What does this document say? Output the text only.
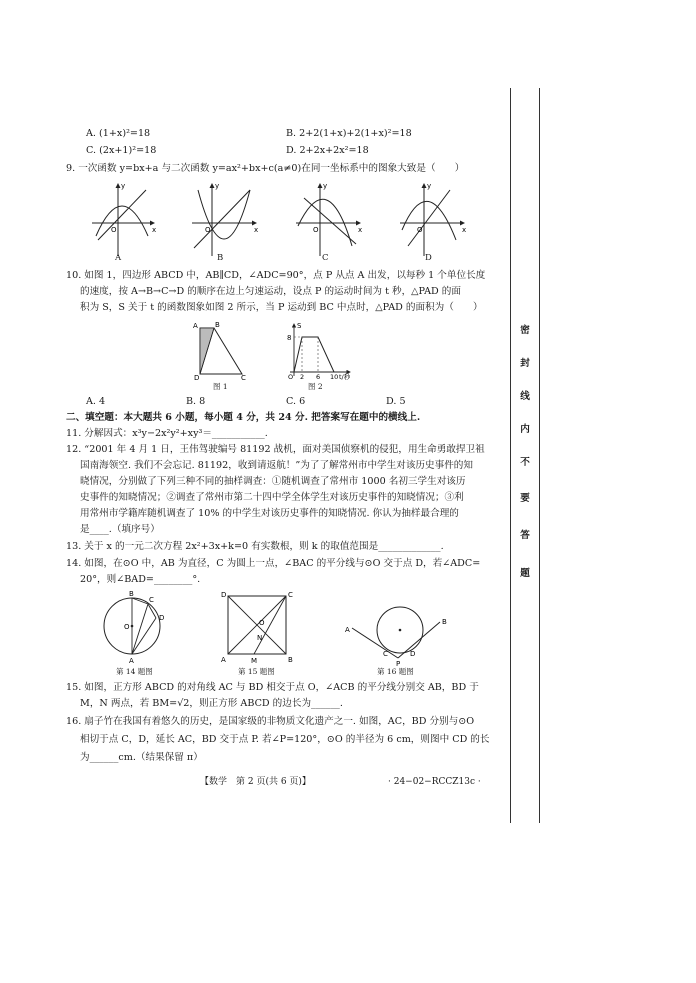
密
封
线
内
不
要
答
题
A. (1+x)²=18	B. 2+2(1+x)+2(1+x)²=18
C. (2x+1)²=18	D. 2+2x+2x²=18
9. 一次函数 y=bx+a 与二次函数 y=ax²+bx+c(a≠0)在同一坐标系中的图象大致是（　　）
y
x
O
y
x
O
y
x
O
y
x
O
A	B	C	D
10. 如图 1，四边形 ABCD 中，AB∥CD，∠ADC=90°，点 P 从点 A 出发，以每秒 1 个单位长度
的速度，按 A→B→C→D 的顺序在边上匀速运动，设点 P 的运动时间为 t 秒，△PAD 的面
积为 S，S 关于 t 的函数图象如图 2 所示，当 P 运动到 BC 中点时，△PAD 的面积为（　　）
A B
C
D
图 1
S
8
O 2 6 10 t/秒
图 2
A. 4	B. 8	C. 6	D. 5
二、填空题：本大题共 6 小题，每小题 4 分，共 24 分. 把答案写在题中的横线上.
11. 分解因式：x³y−2x²y²+xy³＝___________.
12. “2001 年 4 月 1 日，王伟驾驶编号 81192 战机，面对美国侦察机的侵犯，用生命勇敢捍卫祖
国南海领空. 我们不会忘记. 81192，收到请返航！”为了了解常州市中学生对该历史事件的知
晓情况，分别做了下列三种不同的抽样调查：①随机调查了常州市 1000 名初三学生对该历
史事件的知晓情况；②调查了常州市第二十四中学全体学生对该历史事件的知晓情况；③利
用常州市学籍库随机调查了 10% 的中学生对该历史事件的知晓情况. 你认为抽样最合理的
是____.（填序号）
13. 关于 x 的一元二次方程 2x²+3x+k=0 有实数根，则 k 的取值范围是_____________.
14. 如图，在⊙O 中，AB 为直径，C 为圆上一点，∠BAC 的平分线与⊙O 交于点 D，若∠ADC=
20°，则∠BAD=________°.
B
A
O
D
C
第 14 题图
D	C
A	B
M
N
O
第 15 题图
A
B
C	D
P
第 16 题图
15. 如图，正方形 ABCD 的对角线 AC 与 BD 相交于点 O，∠ACB 的平分线分别交 AB，BD 于
M，N 两点，若 BM=√2，则正方形 ABCD 的边长为______.
16. 扇子竹在我国有着悠久的历史，是国家级的非物质文化遗产之一. 如图，AC，BD 分别与⊙O
相切于点 C，D，延长 AC，BD 交于点 P. 若∠P=120°，⊙O 的半径为 6 cm，则图中 CD 的长
为______cm.（结果保留 π）
【数学　第 2 页(共 6 页)】	· 24−02−RCCZ13c ·
